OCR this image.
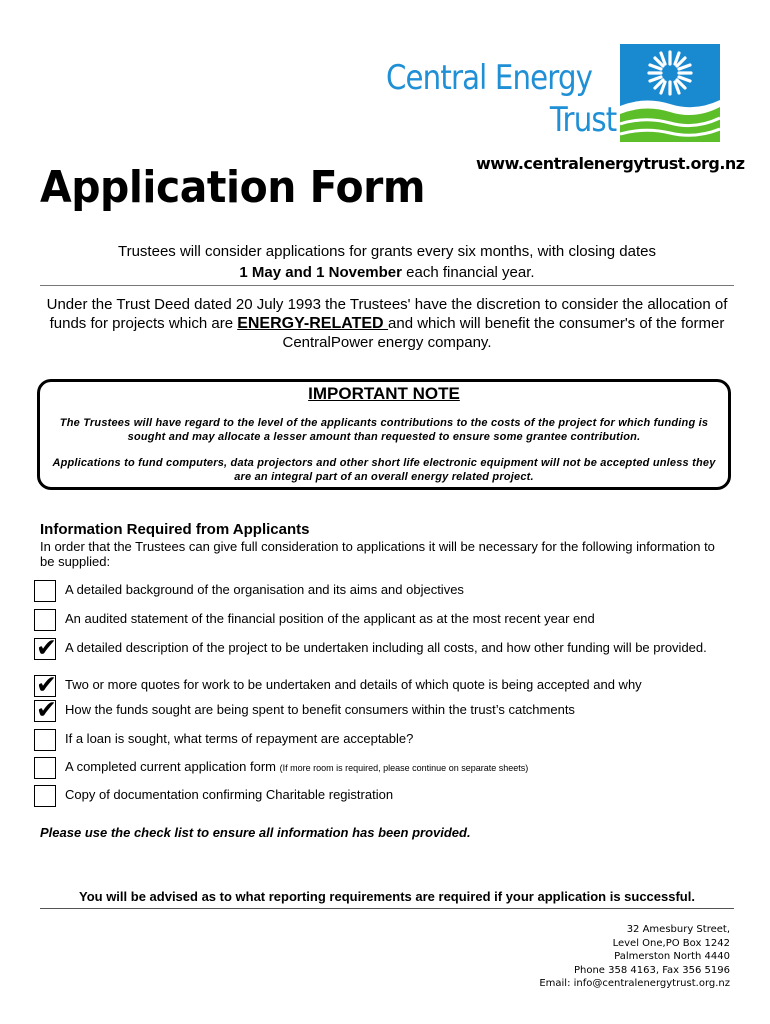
Central Energy
Trust
www.centralenergytrust.org.nz
Application Form
Trustees will consider applications for grants every six months, with closing dates
1 May and 1 November each financial year.
Under the Trust Deed dated 20 July 1993 the Trustees' have the discretion to consider the allocation of funds for projects which are ENERGY-RELATED and which will benefit the consumer's of the former CentralPower energy company.
IMPORTANT NOTE
The Trustees will have regard to the level of the applicants contributions to the costs of the project for which funding is sought and may allocate a lesser amount than requested to ensure some grantee contribution.
Applications to fund computers, data projectors and other short life electronic equipment will not be accepted unless they are an integral part of an overall energy related project.
Information Required from Applicants
In order that the Trustees can give full consideration to applications it will be necessary for the following information to be supplied:
A detailed background of the organisation and its aims and objectives
An audited statement of the financial position of the applicant as at the most recent year end
✔ A detailed description of the project to be undertaken including all costs, and how other funding will be provided.
✔ Two or more quotes for work to be undertaken and details of which quote is being accepted and why
✔ How the funds sought are being spent to benefit consumers within the trust’s catchments
If a loan is sought, what terms of repayment are acceptable?
A completed current application form (If more room is required, please continue on separate sheets)
Copy of documentation confirming Charitable registration
Please use the check list to ensure all information has been provided.
You will be advised as to what reporting requirements are required if your application is successful.
32 Amesbury Street,
Level One,PO Box 1242
Palmerston North 4440
Phone 358 4163, Fax 356 5196
Email: info@centralenergytrust.org.nz
